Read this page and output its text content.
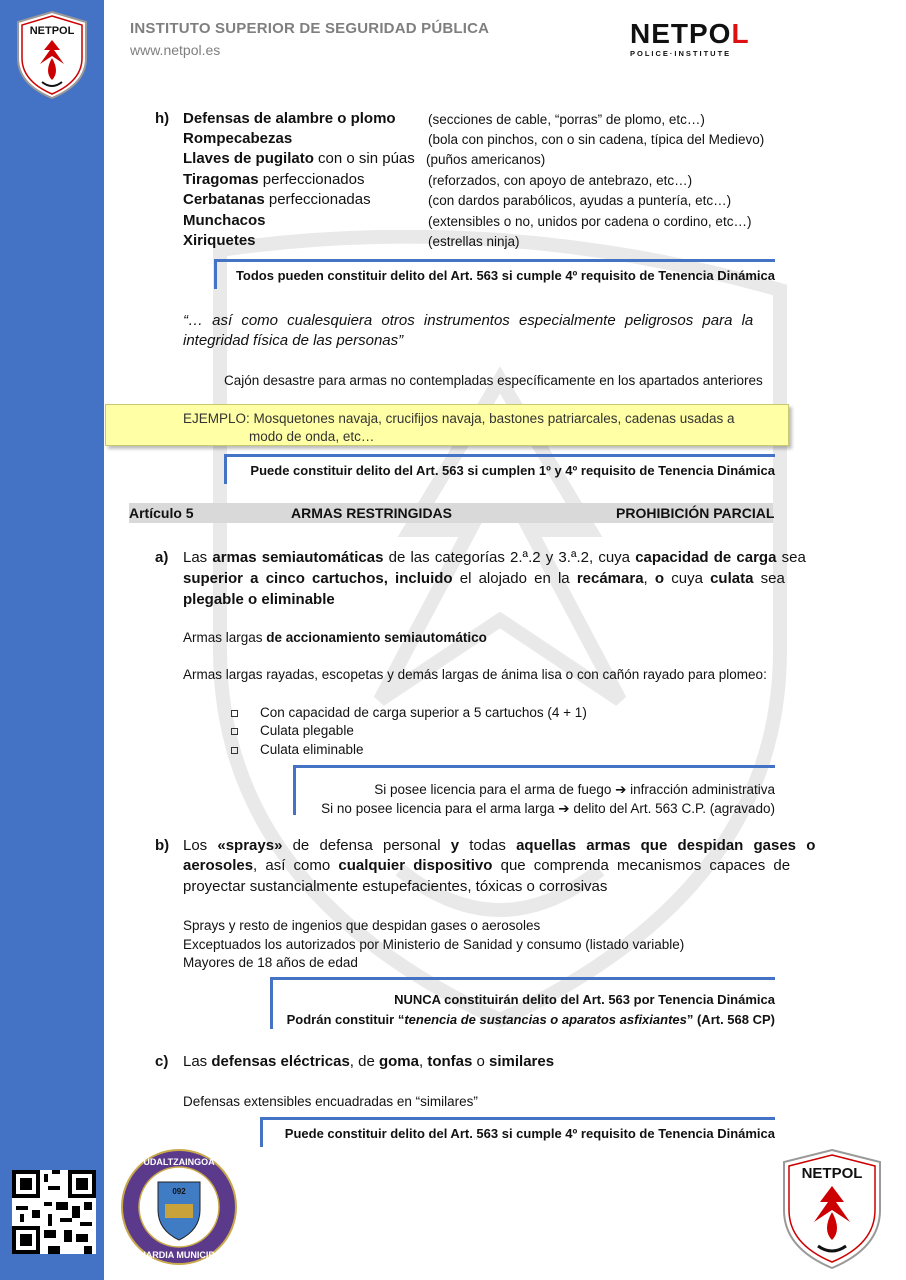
NETPOL	INSTITUTO SUPERIOR DE SEGURIDAD PÚBLICA
www.netpol.es
NETPOL
POLICE·INSTITUTE
h) Defensas de alambre o plomo (secciones de cable, “porras” de plomo, etc…)
Rompecabezas	(bola con pinchos, con o sin cadena, típica del Medievo)
Llaves de pugilato con o sin púas (puños americanos)
Tiragomas perfeccionados	(reforzados, con apoyo de antebrazo, etc…)
Cerbatanas perfeccionadas	(con dardos parabólicos, ayudas a puntería, etc…)
Munchacos	(extensibles o no, unidos por cadena o cordino, etc…)
Xiriquetes	(estrellas ninja)
Todos pueden constituir delito del Art. 563 si cumple 4º requisito de Tenencia Dinámica
“… así como cualesquiera otros instrumentos especialmente peligrosos para la
integridad física de las personas”
Cajón desastre para armas no contempladas específicamente en los apartados anteriores
EJEMPLO: Mosquetones navaja, crucifijos navaja, bastones patriarcales, cadenas usadas a
modo de onda, etc…
Puede constituir delito del Art. 563 si cumplen 1º y 4º requisito de Tenencia Dinámica
Artículo 5	ARMAS RESTRINGIDAS	PROHIBICIÓN PARCIAL
a) Las armas semiautomáticas de las categorías 2.ª.2 y 3.ª.2, cuya capacidad de carga sea
superior a cinco cartuchos, incluido el alojado en la recámara, o cuya culata sea
plegable o eliminable
Armas largas de accionamiento semiautomático
Armas largas rayadas, escopetas y demás largas de ánima lisa o con cañón rayado para plomeo:
Con capacidad de carga superior a 5 cartuchos (4 + 1)
Culata plegable
Culata eliminable
Si posee licencia para el arma de fuego ➔ infracción administrativa
Si no posee licencia para el arma larga ➔ delito del Art. 563 C.P. (agravado)
b) Los «sprays» de defensa personal y todas aquellas armas que despidan gases o
aerosoles, así como cualquier dispositivo que comprenda mecanismos capaces de
proyectar sustancialmente estupefacientes, tóxicas o corrosivas
Sprays y resto de ingenios que despidan gases o aerosoles
Exceptuados los autorizados por Ministerio de Sanidad y consumo (listado variable)
Mayores de 18 años de edad
NUNCA constituirán delito del Art. 563 por Tenencia Dinámica
Podrán constituir “tenencia de sustancias o aparatos asfixiantes” (Art. 568 CP)
c) Las defensas eléctricas, de goma, tonfas o similares
Defensas extensibles encuadradas en “similares”
Puede constituir delito del Art. 563 si cumple 4º requisito de Tenencia Dinámica
092
UDALTZAINGOA
GUARDIA MUNICIPAL
NETPOL
